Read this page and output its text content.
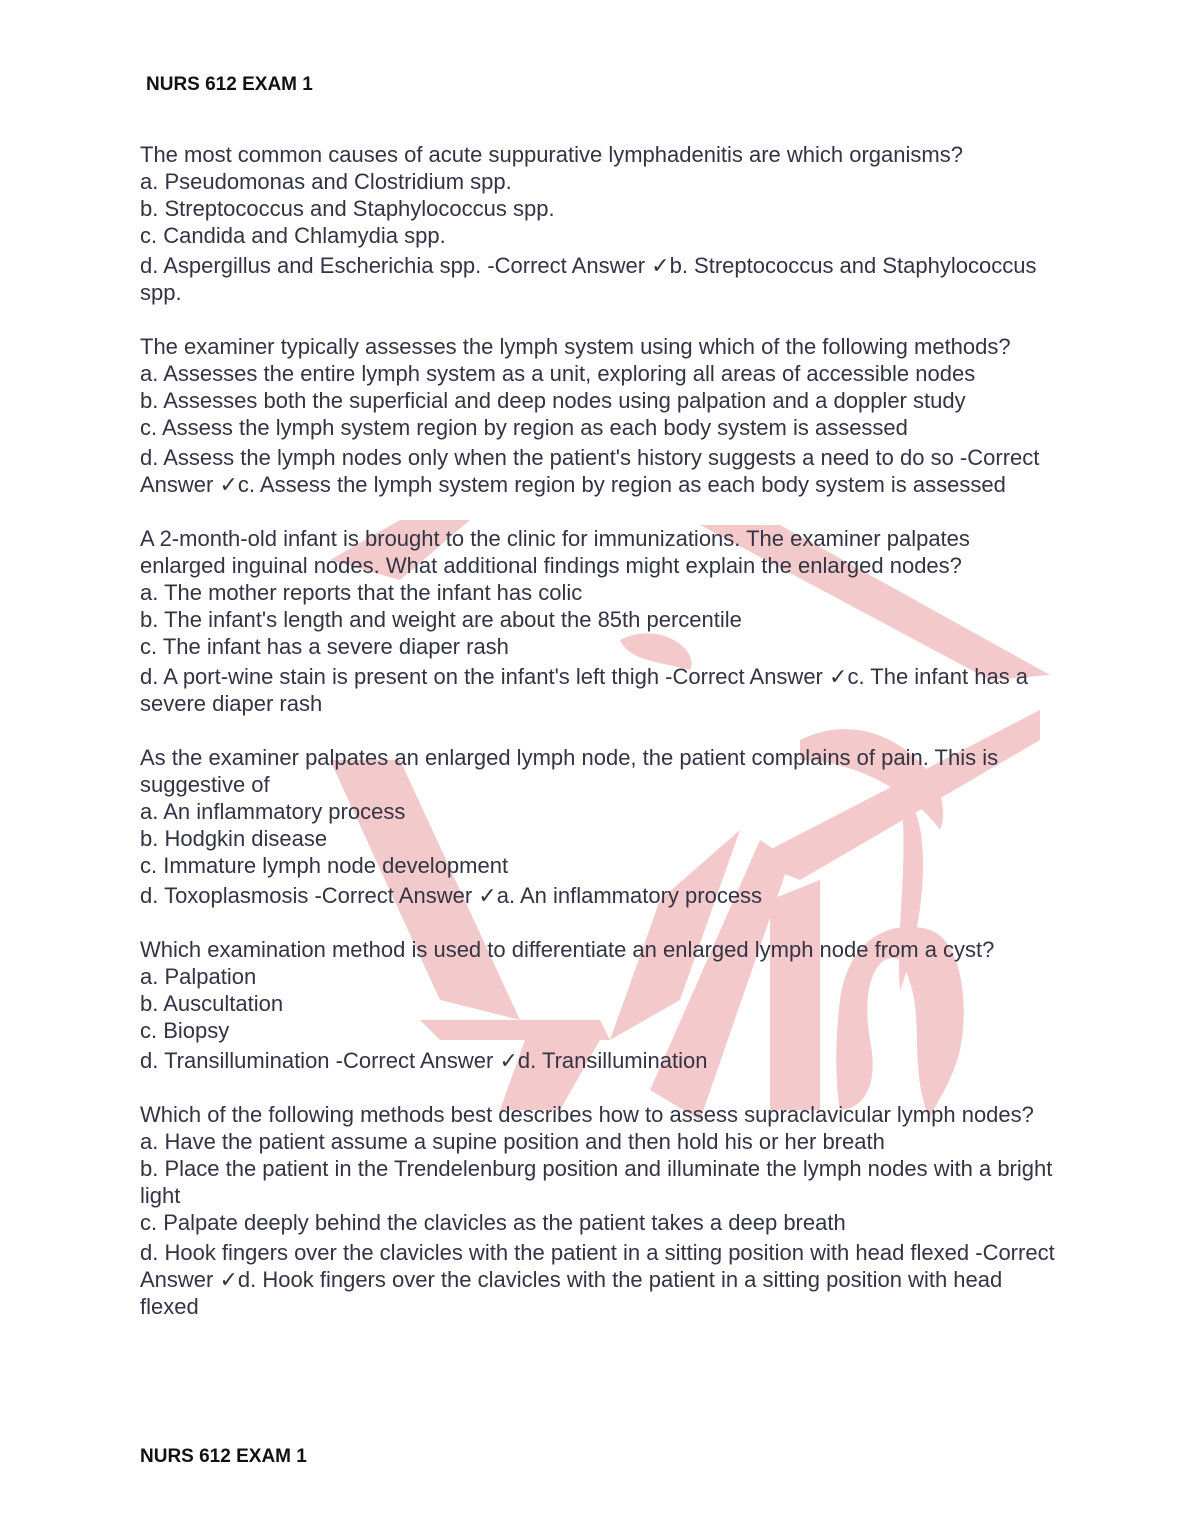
NURS 612 EXAM 1
The most common causes of acute suppurative lymphadenitis are which organisms?
a. Pseudomonas and Clostridium spp.
b. Streptococcus and Staphylococcus spp.
c. Candida and Chlamydia spp.
d. Aspergillus and Escherichia spp. -Correct Answer ✓b. Streptococcus and Staphylococcus spp.
The examiner typically assesses the lymph system using which of the following methods?
a. Assesses the entire lymph system as a unit, exploring all areas of accessible nodes
b. Assesses both the superficial and deep nodes using palpation and a doppler study
c. Assess the lymph system region by region as each body system is assessed
d. Assess the lymph nodes only when the patient's history suggests a need to do so -Correct Answer ✓c. Assess the lymph system region by region as each body system is assessed
A 2-month-old infant is brought to the clinic for immunizations. The examiner palpates enlarged inguinal nodes. What additional findings might explain the enlarged nodes?
a. The mother reports that the infant has colic
b. The infant's length and weight are about the 85th percentile
c. The infant has a severe diaper rash
d. A port-wine stain is present on the infant's left thigh -Correct Answer ✓c. The infant has a severe diaper rash
As the examiner palpates an enlarged lymph node, the patient complains of pain. This is suggestive of
a. An inflammatory process
b. Hodgkin disease
c. Immature lymph node development
d. Toxoplasmosis -Correct Answer ✓a. An inflammatory process
Which examination method is used to differentiate an enlarged lymph node from a cyst?
a. Palpation
b. Auscultation
c. Biopsy
d. Transillumination -Correct Answer ✓d. Transillumination
Which of the following methods best describes how to assess supraclavicular lymph nodes?
a. Have the patient assume a supine position and then hold his or her breath
b. Place the patient in the Trendelenburg position and illuminate the lymph nodes with a bright light
c. Palpate deeply behind the clavicles as the patient takes a deep breath
d. Hook fingers over the clavicles with the patient in a sitting position with head flexed -Correct Answer ✓d. Hook fingers over the clavicles with the patient in a sitting position with head flexed
NURS 612 EXAM 1
